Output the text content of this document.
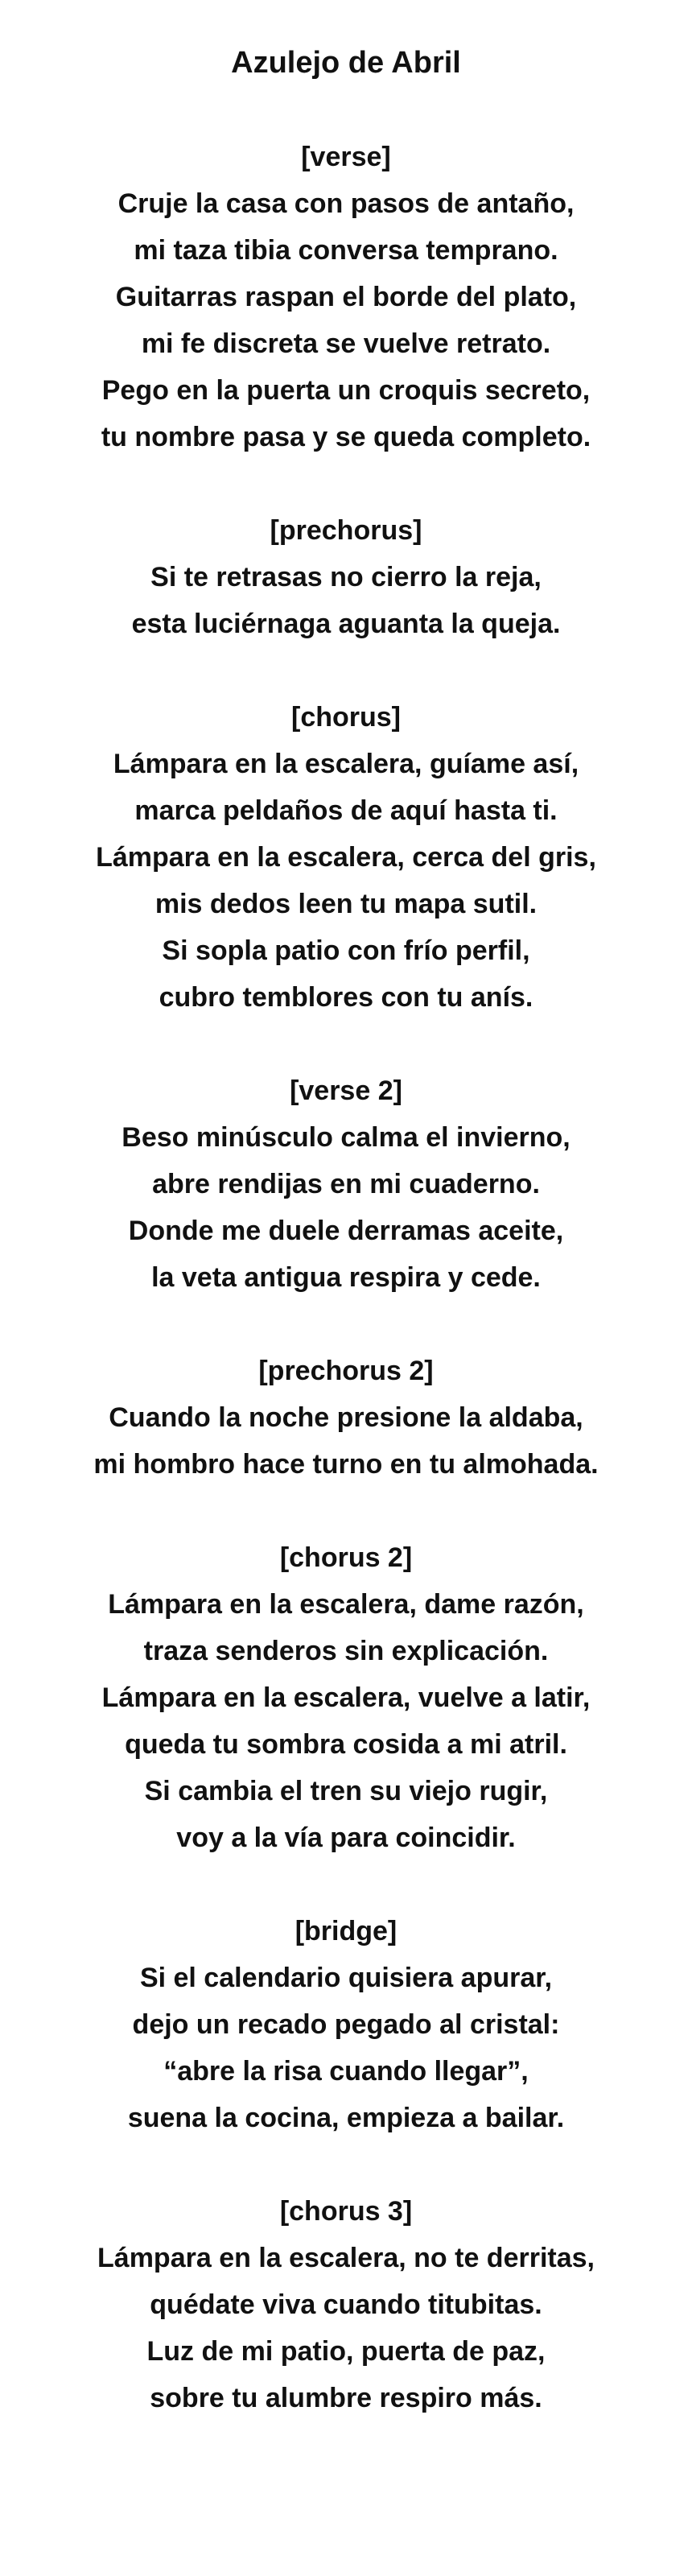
Azulejo de Abril

[verse]

Cruje la casa con pasos de antaño,

mi taza tibia conversa temprano.

Guitarras raspan el borde del plato,

mi fe discreta se vuelve retrato.

Pego en la puerta un croquis secreto,

tu nombre pasa y se queda completo.

[prechorus]

Si te retrasas no cierro la reja,

esta luciérnaga aguanta la queja.

[chorus]

Lámpara en la escalera, guíame así,

marca peldaños de aquí hasta ti.

Lámpara en la escalera, cerca del gris,

mis dedos leen tu mapa sutil.

Si sopla patio con frío perfil,

cubro temblores con tu anís.

[verse 2]

Beso minúsculo calma el invierno,

abre rendijas en mi cuaderno.

Donde me duele derramas aceite,

la veta antigua respira y cede.

[prechorus 2]

Cuando la noche presione la aldaba,

mi hombro hace turno en tu almohada.

[chorus 2]

Lámpara en la escalera, dame razón,

traza senderos sin explicación.

Lámpara en la escalera, vuelve a latir,

queda tu sombra cosida a mi atril.

Si cambia el tren su viejo rugir,

voy a la vía para coincidir.

[bridge]

Si el calendario quisiera apurar,

dejo un recado pegado al cristal:

“abre la risa cuando llegar”,

suena la cocina, empieza a bailar.

[chorus 3]

Lámpara en la escalera, no te derritas,

quédate viva cuando titubitas.

Luz de mi patio, puerta de paz,

sobre tu alumbre respiro más.
